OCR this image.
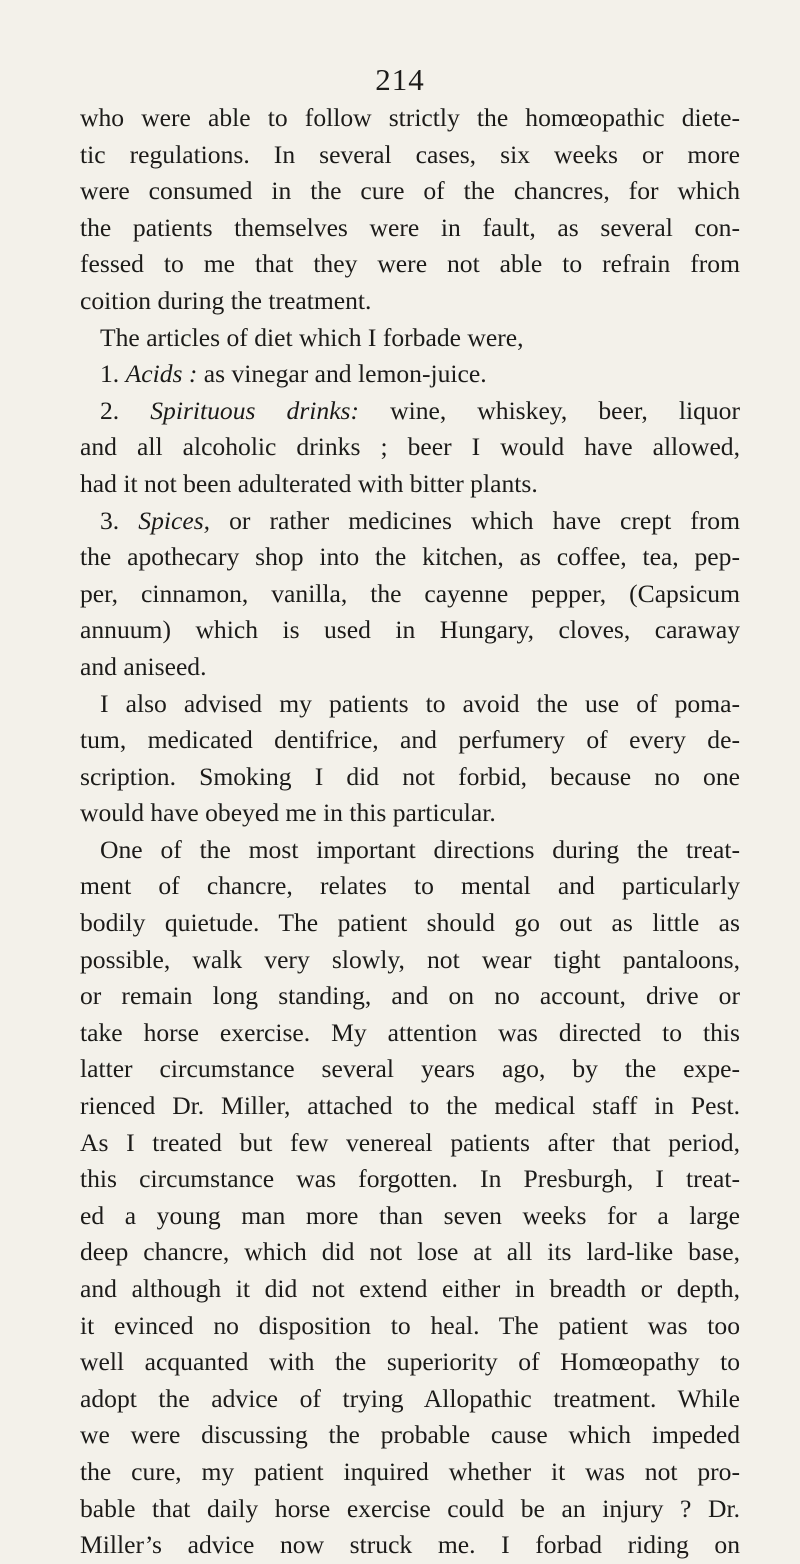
214
who were able to follow strictly the homœopathic diete-
tic regulations. In several cases, six weeks or more
were consumed in the cure of the chancres, for which
the patients themselves were in fault, as several con-
fessed to me that they were not able to refrain from
coition during the treatment.
The articles of diet which I forbade were,
1. Acids : as vinegar and lemon-juice.
2. Spirituous drinks: wine, whiskey, beer, liquor
and all alcoholic drinks ; beer I would have allowed,
had it not been adulterated with bitter plants.
3. Spices, or rather medicines which have crept from
the apothecary shop into the kitchen, as coffee, tea, pep-
per, cinnamon, vanilla, the cayenne pepper, (Capsicum
annuum) which is used in Hungary, cloves, caraway
and aniseed.
I also advised my patients to avoid the use of poma-
tum, medicated dentifrice, and perfumery of every de-
scription. Smoking I did not forbid, because no one
would have obeyed me in this particular.
One of the most important directions during the treat-
ment of chancre, relates to mental and particularly
bodily quietude. The patient should go out as little as
possible, walk very slowly, not wear tight pantaloons,
or remain long standing, and on no account, drive or
take horse exercise. My attention was directed to this
latter circumstance several years ago, by the expe-
rienced Dr. Miller, attached to the medical staff in Pest.
As I treated but few venereal patients after that period,
this circumstance was forgotten. In Presburgh, I treat-
ed a young man more than seven weeks for a large
deep chancre, which did not lose at all its lard-like base,
and although it did not extend either in breadth or depth,
it evinced no disposition to heal. The patient was too
well acquanted with the superiority of Homœopathy to
adopt the advice of trying Allopathic treatment. While
we were discussing the probable cause which impeded
the cure, my patient inquired whether it was not pro-
bable that daily horse exercise could be an injury ? Dr.
Miller’s advice now struck me. I forbad riding on
